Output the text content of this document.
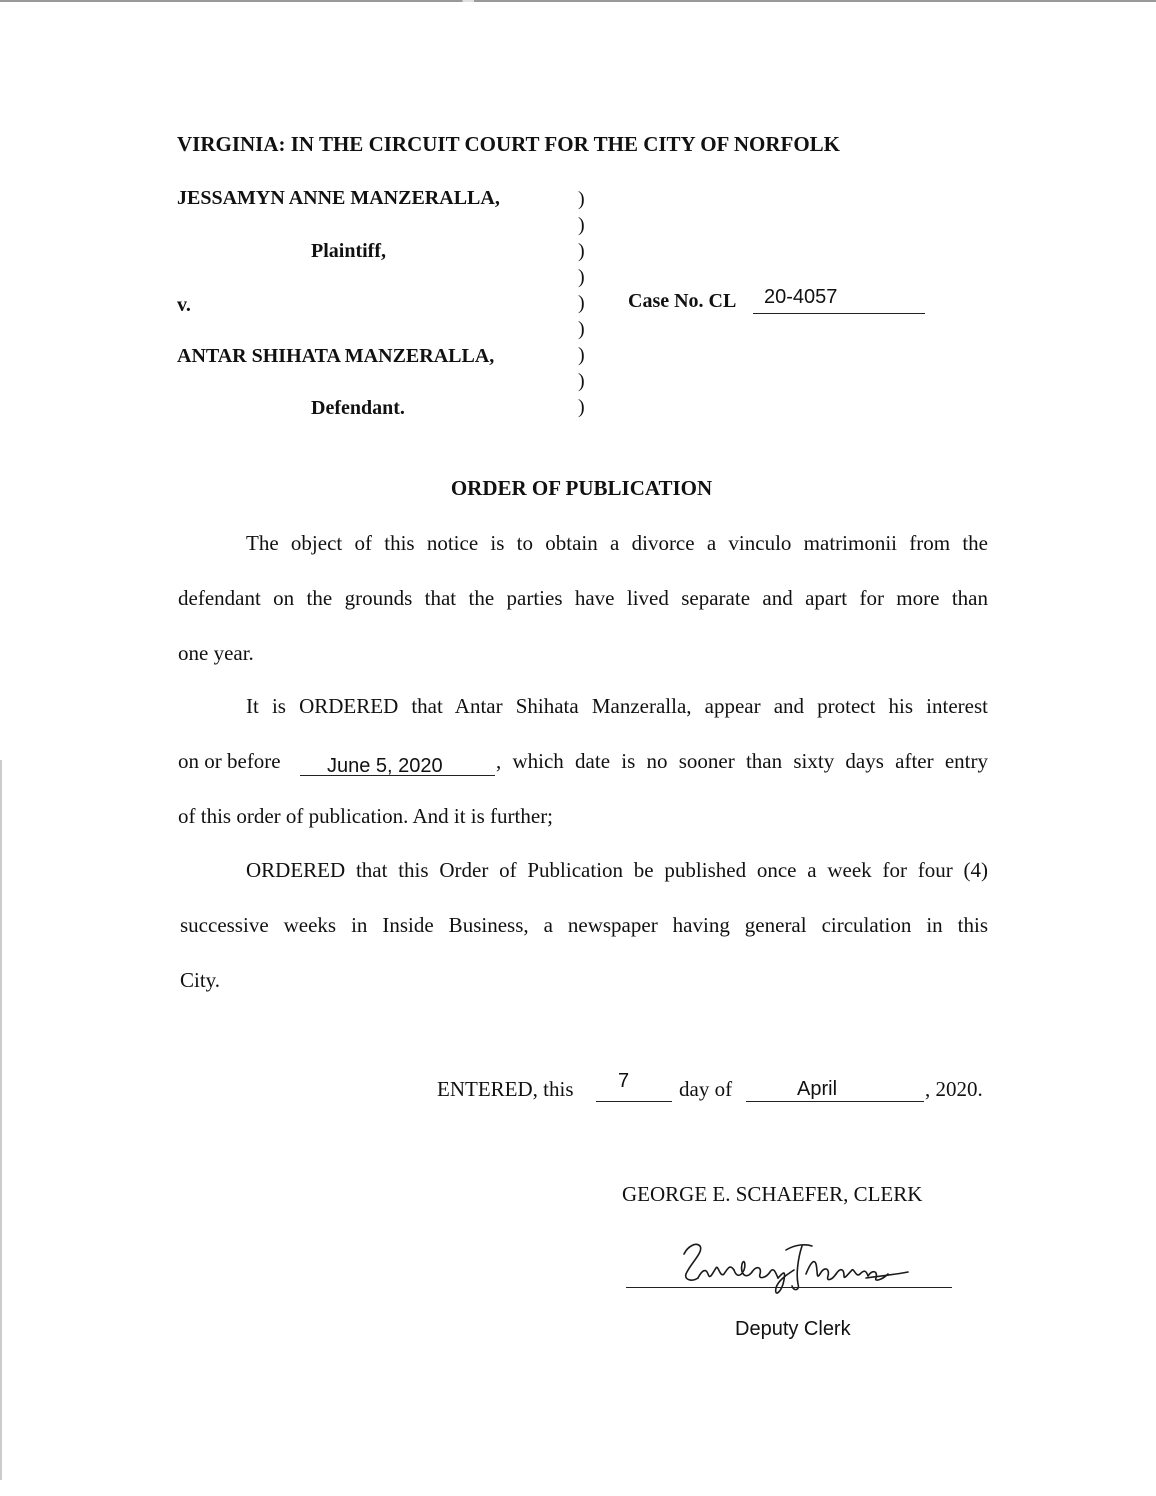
VIRGINIA: IN THE CIRCUIT COURT FOR THE CITY OF NORFOLK
JESSAMYN ANNE MANZERALLA,
Plaintiff,
v.
ANTAR SHIHATA MANZERALLA,
Defendant.
)
)
)
)
)
)
)
)
)
Case No. CL 20-4057
ORDER OF PUBLICATION
The object of this notice is to obtain a divorce a vinculo matrimonii from the
defendant on the grounds that the parties have lived separate and apart for more than
one year.
It is ORDERED that Antar Shihata Manzeralla, appear and protect his interest
on or before June 5, 2020	, which date is no sooner than sixty days after entry
of this order of publication. And it is further;
ORDERED that this Order of Publication be published once a week for four (4)
successive weeks in Inside Business, a newspaper having general circulation in this
City.
ENTERED, this 7 day of	April	, 2020.
GEORGE E. SCHAEFER, CLERK
Deputy Clerk
